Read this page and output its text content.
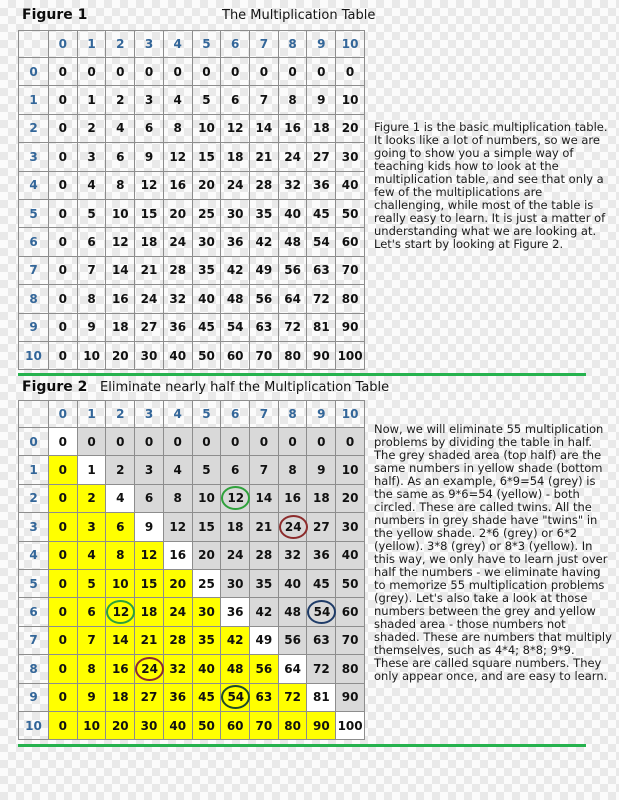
Figure 1	The Multiplication Table
	0	1	2	3	4	5	6	7	8	9	10
0	0	0	0	0	0	0	0	0	0	0	0
1	0	1	2	3	4	5	6	7	8	9	10
2	0	2	4	6	8	10	12	14	16	18	20
3	0	3	6	9	12	15	18	21	24	27	30
4	0	4	8	12	16	20	24	28	32	36	40
5	0	5	10	15	20	25	30	35	40	45	50
6	0	6	12	18	24	30	36	42	48	54	60
7	0	7	14	21	28	35	42	49	56	63	70
8	0	8	16	24	32	40	48	56	64	72	80
9	0	9	18	27	36	45	54	63	72	81	90
10	0	10	20	30	40	50	60	70	80	90	100
Figure 1 is the basic multiplication table. It looks like a lot of numbers, so we are going to show you a simple way of teaching kids how to look at the multiplication table, and see that only a few of the multiplications are challenging, while most of the table is really easy to learn. It is just a matter of understanding what we are looking at. Let's start by looking at Figure 2.
Figure 2 Eliminate nearly half the Multiplication Table
	0	1	2	3	4	5	6	7	8	9	10
0	0	0	0	0	0	0	0	0	0	0	0
1	0	1	2	3	4	5	6	7	8	9	10
2	0	2	4	6	8	10	12	14	16	18	20
3	0	3	6	9	12	15	18	21	24	27	30
4	0	4	8	12	16	20	24	28	32	36	40
5	0	5	10	15	20	25	30	35	40	45	50
6	0	6	12	18	24	30	36	42	48	54	60
7	0	7	14	21	28	35	42	49	56	63	70
8	0	8	16	24	32	40	48	56	64	72	80
9	0	9	18	27	36	45	54	63	72	81	90
10	0	10	20	30	40	50	60	70	80	90	100
Now, we will eliminate 55 multiplication problems by dividing the table in half. The grey shaded area (top half) are the same numbers in yellow shade (bottom half). As an example, 6*9=54 (grey) is the same as 9*6=54 (yellow) - both circled. These are called twins. All the numbers in grey shade have "twins" in the yellow shade. 2*6 (grey) or 6*2 (yellow). 3*8 (grey) or 8*3 (yellow). In this way, we only have to learn just over half the numbers - we eliminate having to memorize 55 multiplication problems (grey). Let's also take a look at those numbers between the grey and yellow shaded area - those numbers not shaded. These are numbers that multiply themselves, such as 4*4; 8*8; 9*9. These are called square numbers. They only appear once, and are easy to learn.
